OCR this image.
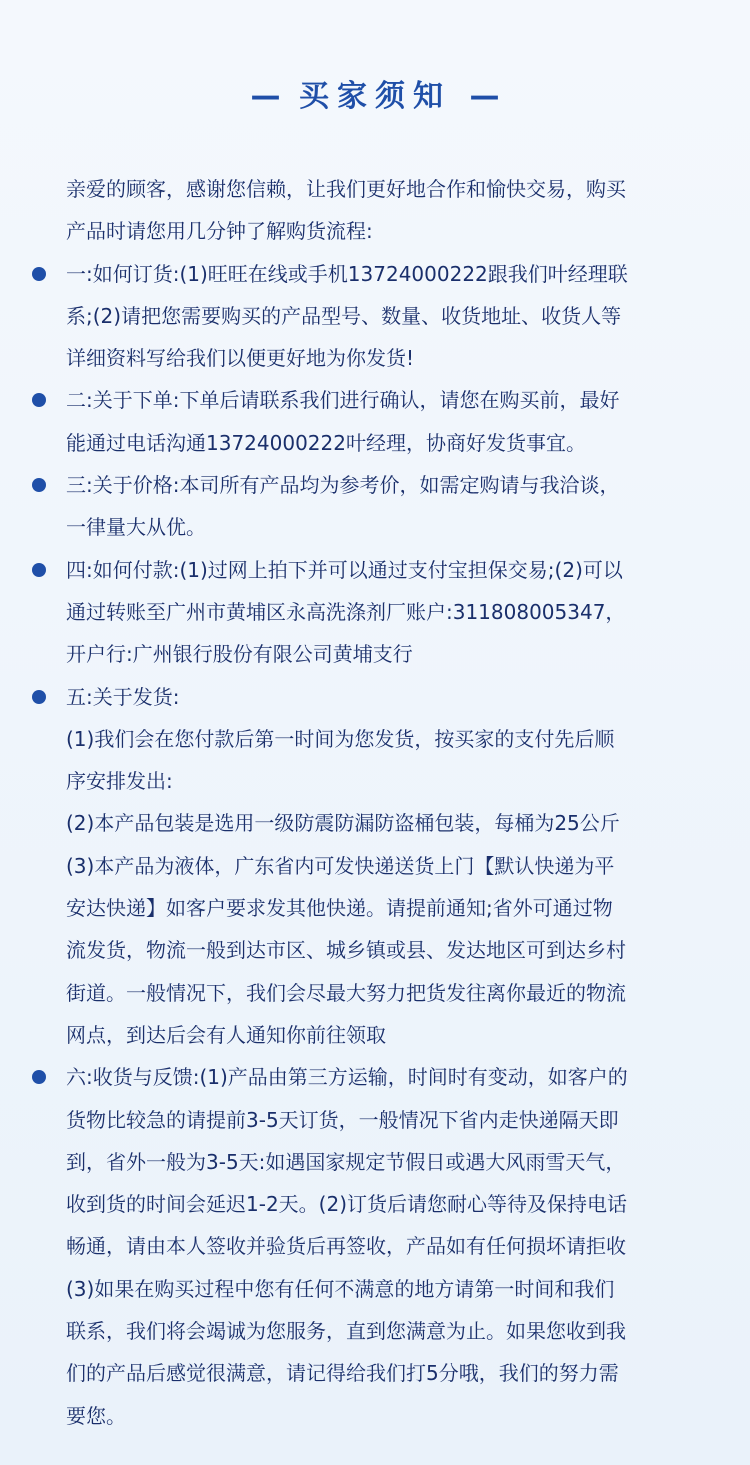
— 买家须知 —

亲爱的顾客，感谢您信赖，让我们更好地合作和愉快交易，购买

产品时请您用几分钟了解购货流程:

一:如何订货:(1)旺旺在线或手机13724000222跟我们叶经理联

系;(2)请把您需要购买的产品型号、数量、收货地址、收货人等

详细资料写给我们以便更好地为你发货!

二:关于下单:下单后请联系我们进行确认，请您在购买前，最好

能通过电话沟通13724000222叶经理，协商好发货事宜。

三:关于价格:本司所有产品均为参考价，如需定购请与我洽谈，

一律量大从优。

四:如何付款:(1)过网上拍下并可以通过支付宝担保交易;(2)可以

通过转账至广州市黄埔区永高洗涤剂厂账户:311808005347，

开户行:广州银行股份有限公司黄埔支行

五:关于发货:

(1)我们会在您付款后第一时间为您发货，按买家的支付先后顺

序安排发出:

(2)本产品包装是选用一级防震防漏防盗桶包装，每桶为25公斤

(3)本产品为液体，广东省内可发快递送货上门【默认快递为平

安达快递】如客户要求发其他快递。请提前通知;省外可通过物

流发货，物流一般到达市区、城乡镇或县、发达地区可到达乡村

街道。一般情况下，我们会尽最大努力把货发往离你最近的物流

网点，到达后会有人通知你前往领取

六:收货与反馈:(1)产品由第三方运输，时间时有变动，如客户的

货物比较急的请提前3-5天订货，一般情况下省内走快递隔天即

到，省外一般为3-5天:如遇国家规定节假日或遇大风雨雪天气，

收到货的时间会延迟1-2天。(2)订货后请您耐心等待及保持电话

畅通，请由本人签收并验货后再签收，产品如有任何损坏请拒收

(3)如果在购买过程中您有任何不满意的地方请第一时间和我们

联系，我们将会竭诚为您服务，直到您满意为止。如果您收到我

们的产品后感觉很满意，请记得给我们打5分哦，我们的努力需

要您。
